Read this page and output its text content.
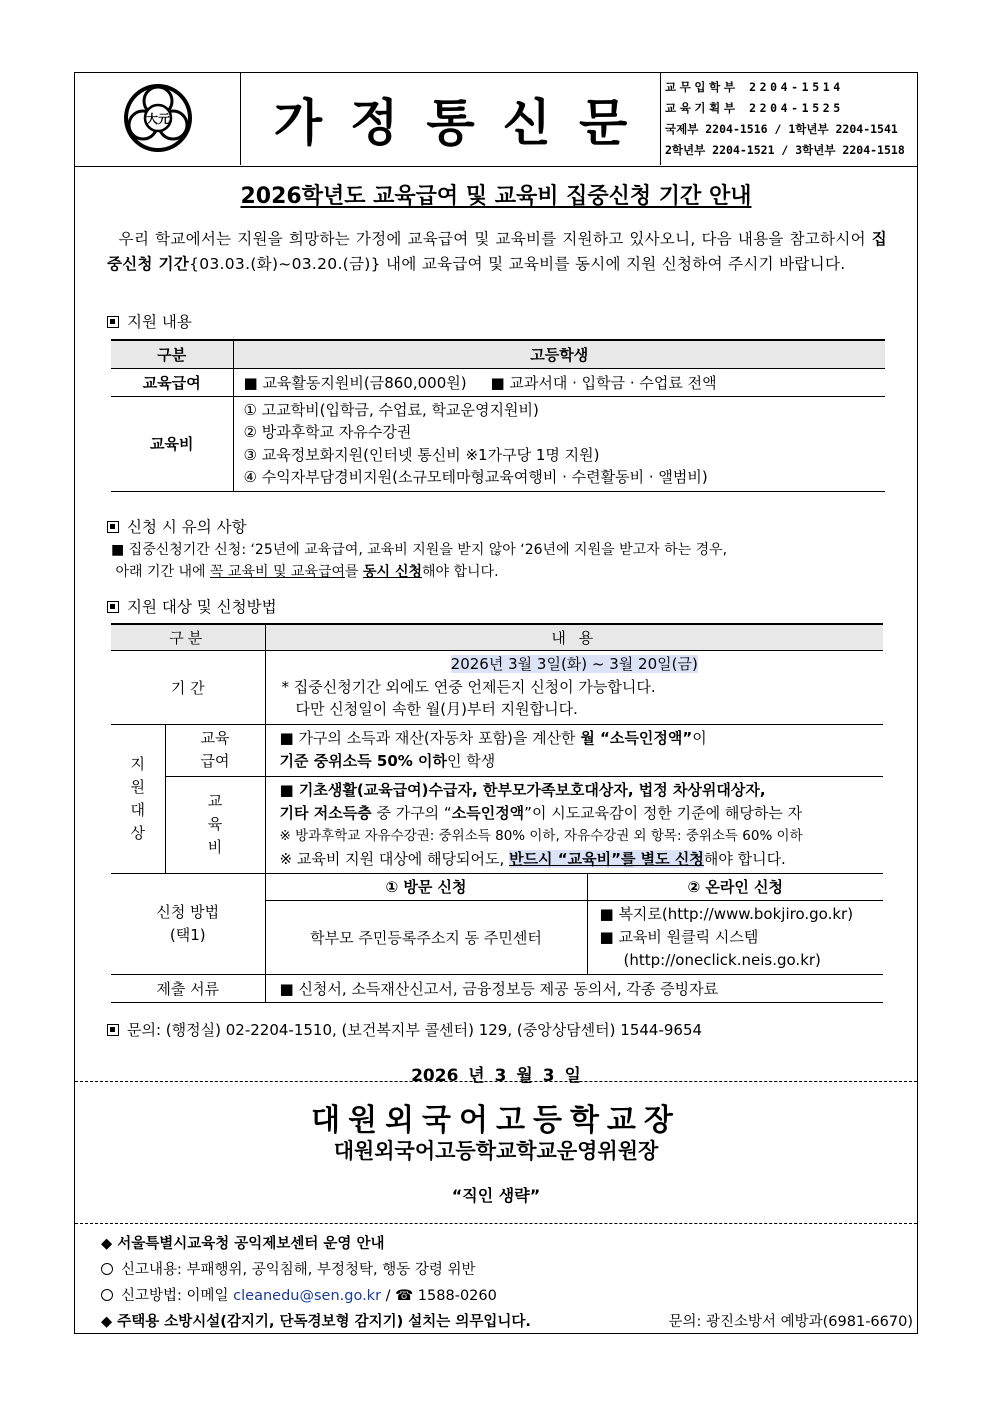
大元 가정통신문
교무입학부 2204-1514
교육기획부 2204-1525
국제부 2204-1516 / 1학년부 2204-1541
2학년부 2204-1521 / 3학년부 2204-1518
2026학년도 교육급여 및 교육비 집중신청 기간 안내
우리 학교에서는 지원을 희망하는 가정에 교육급여 및 교육비를 지원하고 있사오니, 다음 내용을 참고하시어 집중신청 기간{03.03.(화)~03.20.(금)} 내에 교육급여 및 교육비를 동시에 지원 신청하여 주시기 바랍니다.
지원 내용
구분	고등학생
교육급여	■ 교육활동지원비(금860,000원) ■ 교과서대 · 입학금 · 수업료 전액
교육비	① 고교학비(입학금, 수업료, 학교운영지원비)
② 방과후학교 자유수강권
③ 교육정보화지원(인터넷 통신비 ※1가구당 1명 지원)
④ 수익자부담경비지원(소규모테마형교육여행비 · 수련활동비 · 앨범비)
신청 시 유의 사항
■ 집중신청기간 신청: ‘25년에 교육급여, 교육비 지원을 받지 않아 ‘26년에 지원을 받고자 하는 경우,
아래 기간 내에 꼭 교육비 및 교육급여를 동시 신청해야 합니다.
지원 대상 및 신청방법
구분		내 용	
기 간		2026년 3월 3일(화) ~ 3월 20일(금)
* 집중신청기간 외에도 연중 언제든지 신청이 가능합니다.
다만 신청일이 속한 월(月)부터 지원합니다.	

지원대상	교육급여	■ 가구의 소득과 재산(자동차 포함)을 계산한 월 “소득인정액”이
기준 중위소득 50% 이하인 학생	

	교육비	■ 기초생활(교육급여)수급자, 한부모가족보호대상자, 법정 차상위대상자,
기타 저소득층 중 가구의 “소득인정액”이 시도교육감이 정한 기준에 해당하는 자
※ 방과후학교 자유수강권: 중위소득 80% 이하, 자유수강권 외 항목: 중위소득 60% 이하
※ 교육비 지원 대상에 해당되어도, 반드시 “교육비”를 별도 신청해야 합니다.	

신청 방법
(택1)		① 방문 신청	② 온라인 신청
		학부모 주민등록주소지 동 주민센터	■ 복지로(http://www.bokjiro.go.kr)
■ 교육비 원클릭 시스템
(http://oneclick.neis.go.kr)

제출 서류		■ 신청서, 소득재산신고서, 금융정보등 제공 동의서, 각종 증빙자료	
문의: (행정실) 02-2204-1510, (보건복지부 콜센터) 129, (중앙상담센터) 1544-9654
2026 년 3 월 3 일
대원외국어고등학교장
대원외국어고등학교학교운영위원장
“직인 생략”
◆ 서울특별시교육청 공익제보센터 운영 안내
신고내용: 부패행위, 공익침해, 부정청탁, 행동 강령 위반
신고방법: 이메일 cleanedu@sen.go.kr / ☎ 1588-0260
◆ 주택용 소방시설(감지기, 단독경보형 감지기) 설치는 의무입니다.	문의: 광진소방서 예방과(6981-6670)
